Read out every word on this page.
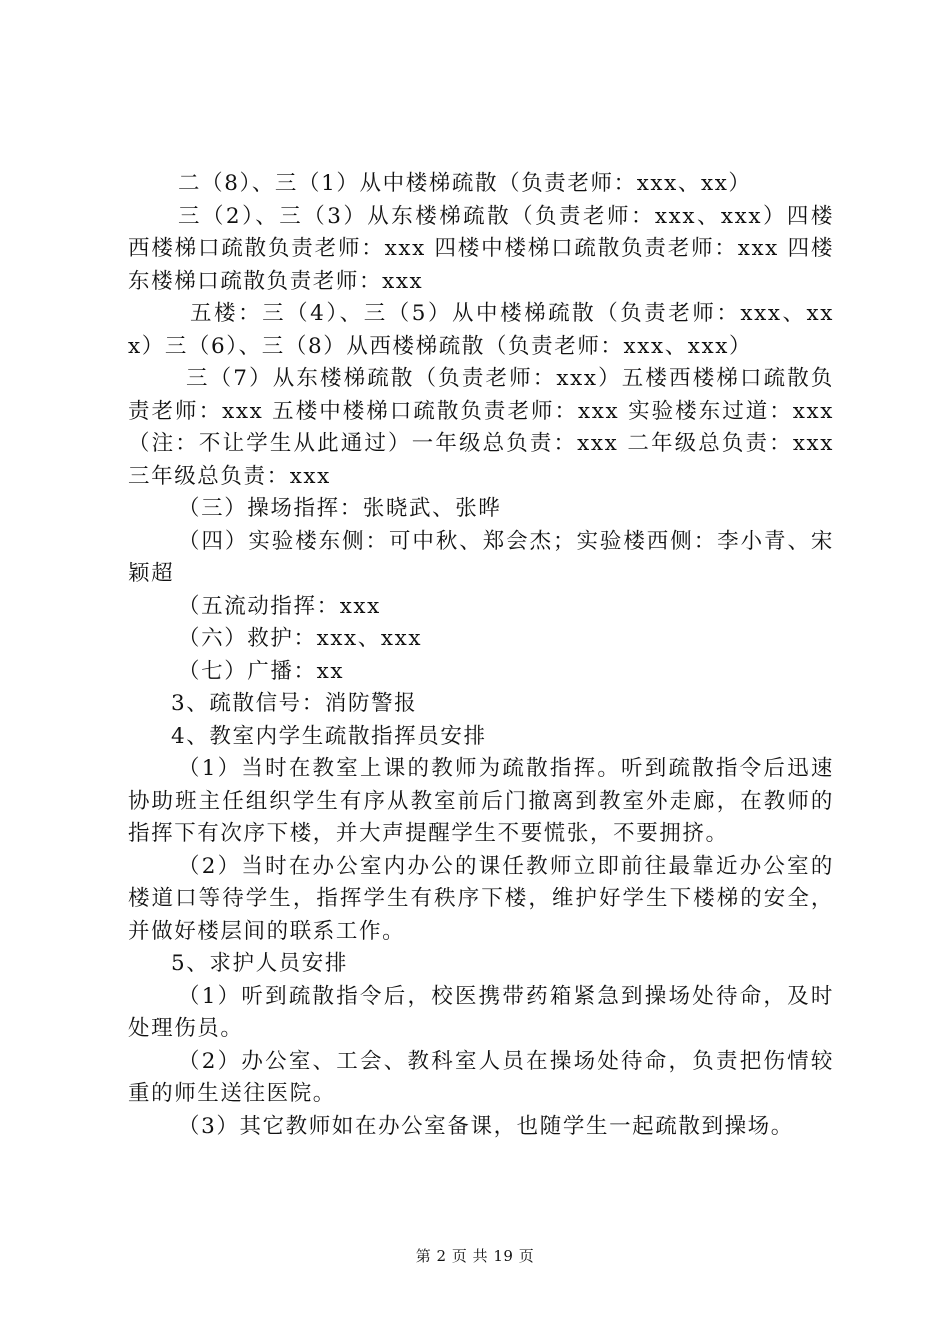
二（8）、三（1）从中楼梯疏散（负责老师：xxx、xx）

三（2）、三（3）从东楼梯疏散（负责老师：xxx、xxx）四楼西楼梯口疏散负责老师：xxx 四楼中楼梯口疏散负责老师：xxx 四楼东楼梯口疏散负责老师：xxx

五楼：三（4）、三（5）从中楼梯疏散（负责老师：xxx、xxx）三（6）、三（8）从西楼梯疏散（负责老师：xxx、xxx）

三（7）从东楼梯疏散（负责老师：xxx）五楼西楼梯口疏散负责老师：xxx 五楼中楼梯口疏散负责老师：xxx 实验楼东过道：xxx（注：不让学生从此通过）一年级总负责：xxx 二年级总负责：xxx 三年级总负责：xxx

（三）操场指挥：张晓武、张晔

（四）实验楼东侧：可中秋、郑会杰；实验楼西侧：李小青、宋颖超

（五流动指挥：xxx

（六）救护：xxx、xxx

（七）广播：xx

3、疏散信号：消防警报

4、教室内学生疏散指挥员安排

（1）当时在教室上课的教师为疏散指挥。听到疏散指令后迅速协助班主任组织学生有序从教室前后门撤离到教室外走廊，在教师的指挥下有次序下楼，并大声提醒学生不要慌张，不要拥挤。

（2）当时在办公室内办公的课任教师立即前往最靠近办公室的楼道口等待学生，指挥学生有秩序下楼，维护好学生下楼梯的安全，并做好楼层间的联系工作。

5、求护人员安排

（1）听到疏散指令后，校医携带药箱紧急到操场处待命，及时处理伤员。

（2）办公室、工会、教科室人员在操场处待命，负责把伤情较重的师生送往医院。

（3）其它教师如在办公室备课，也随学生一起疏散到操场。

第 2 页 共 19 页
